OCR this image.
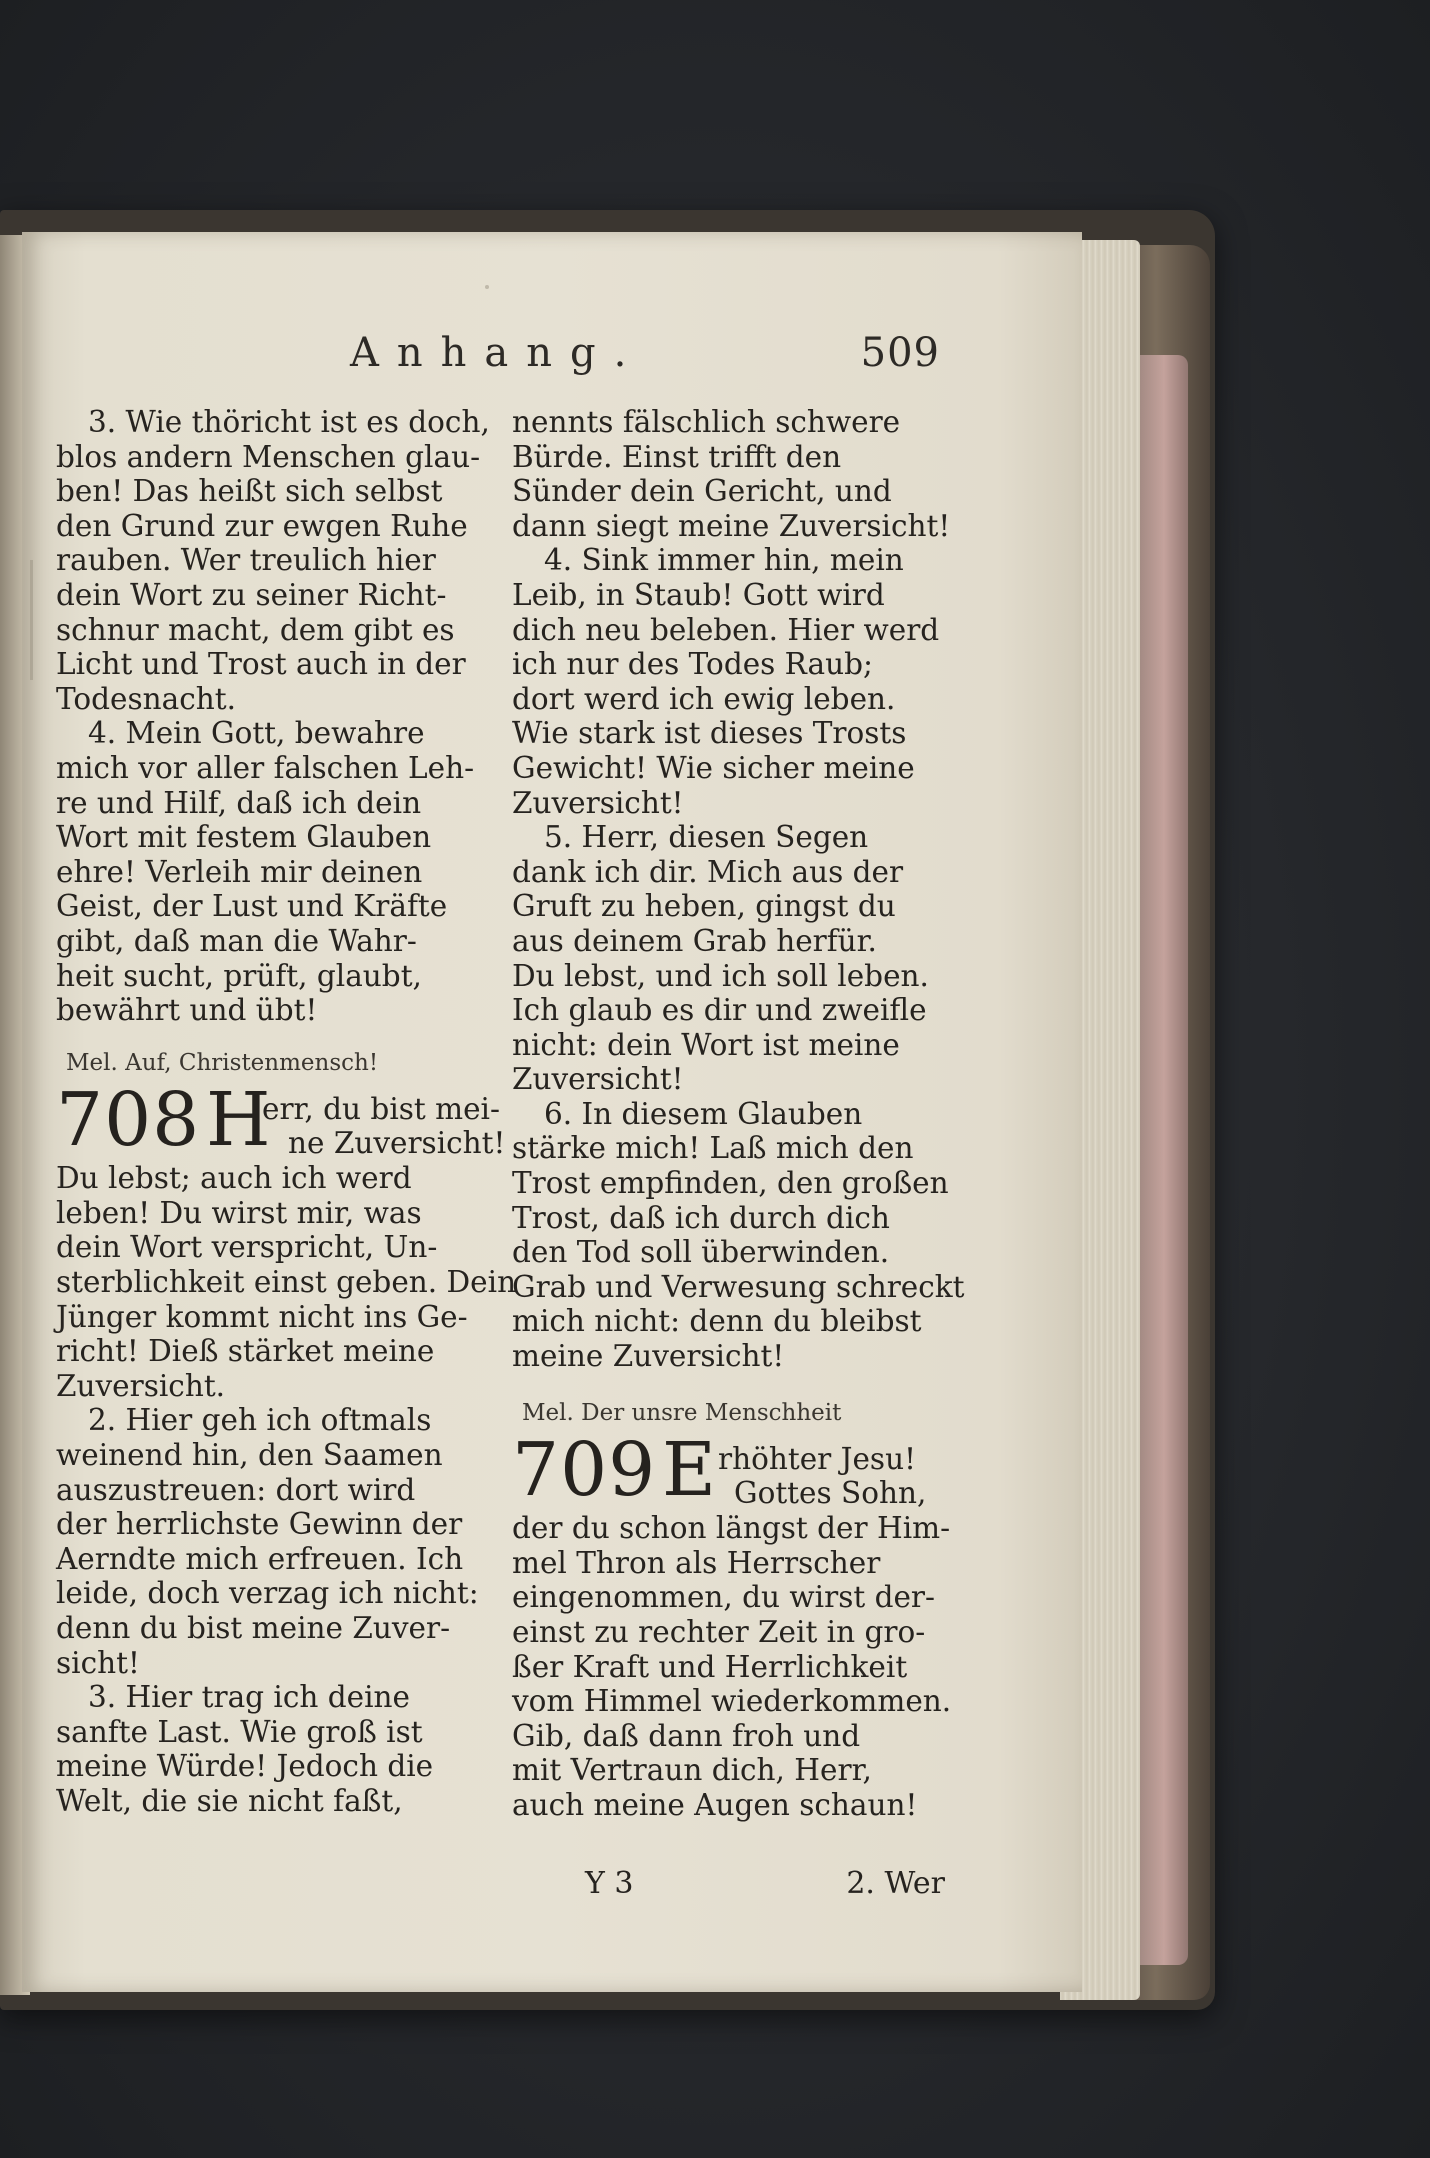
Anhang.	509
3. Wie thöricht ist es doch,
blos andern Menschen glau-
ben! Das heißt sich selbst
den Grund zur ewgen Ruhe
rauben. Wer treulich hier
dein Wort zu seiner Richt-
schnur macht, dem gibt es
Licht und Trost auch in der
Todesnacht.
4. Mein Gott, bewahre
mich vor aller falschen Leh-
re und Hilf, daß ich dein
Wort mit festem Glauben
ehre! Verleih mir deinen
Geist, der Lust und Kräfte
gibt, daß man die Wahr-
heit sucht, prüft, glaubt,
bewährt und übt!
Mel. Auf, Christenmensch!
708 H
err, du bist mei-
ne Zuversicht!
Du lebst; auch ich werd
leben! Du wirst mir, was
dein Wort verspricht, Un-
sterblichkeit einst geben. Dein
Jünger kommt nicht ins Ge-
richt! Dieß stärket meine
Zuversicht.
2. Hier geh ich oftmals
weinend hin, den Saamen
auszustreuen: dort wird
der herrlichste Gewinn der
Aerndte mich erfreuen. Ich
leide, doch verzag ich nicht:
denn du bist meine Zuver-
sicht!
3. Hier trag ich deine
sanfte Last. Wie groß ist
meine Würde! Jedoch die
Welt, die sie nicht faßt,
nennts fälschlich schwere
Bürde. Einst trifft den
Sünder dein Gericht, und
dann siegt meine Zuversicht!
4. Sink immer hin, mein
Leib, in Staub! Gott wird
dich neu beleben. Hier werd
ich nur des Todes Raub;
dort werd ich ewig leben.
Wie stark ist dieses Trosts
Gewicht! Wie sicher meine
Zuversicht!
5. Herr, diesen Segen
dank ich dir. Mich aus der
Gruft zu heben, gingst du
aus deinem Grab herfür.
Du lebst, und ich soll leben.
Ich glaub es dir und zweifle
nicht: dein Wort ist meine
Zuversicht!
6. In diesem Glauben
stärke mich! Laß mich den
Trost empfinden, den großen
Trost, daß ich durch dich
den Tod soll überwinden.
Grab und Verwesung schreckt
mich nicht: denn du bleibst
meine Zuversicht!
Mel. Der unsre Menschheit
709 E rhöhter Jesu!
Gottes Sohn,
der du schon längst der Him-
mel Thron als Herrscher
eingenommen, du wirst der-
einst zu rechter Zeit in gro-
ßer Kraft und Herrlichkeit
vom Himmel wiederkommen.
Gib, daß dann froh und
mit Vertraun dich, Herr,
auch meine Augen schaun!
Y 3	2. Wer
